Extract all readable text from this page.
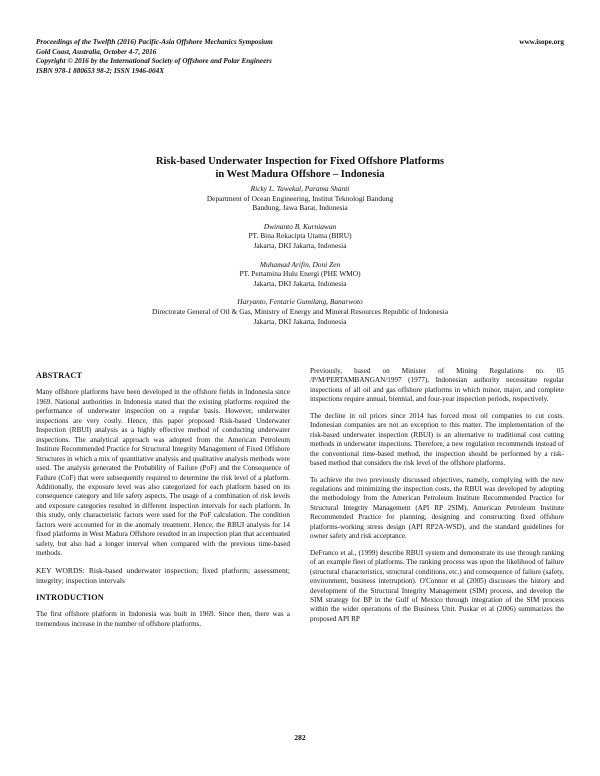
Proceedings of the Twelfth (2016) Pacific-Asia Offshore Mechanics Symposium
Gold Coast, Australia, October 4-7, 2016
Copyright © 2016 by the International Society of Offshore and Polar Engineers
ISBN 978-1 880653 98-2; ISSN 1946-004X
www.isope.org
Risk-based Underwater Inspection for Fixed Offshore Platforms
in West Madura Offshore – Indonesia
Ricky L. Tawekal, Parama Shanti
Department of Ocean Engineering, Institut Teknologi Bandung
Bandung, Jawa Barat, Indonesia
Dwinanto B. Kurniawan
PT. Bina Rekacipta Utama (BIRU)
Jakarta, DKI Jakarta, Indonesia
Muhamad Arifin, Doni Zen
PT. Pertamina Hulu Energi (PHE WMO)
Jakarta, DKI Jakarta, Indonesia
Haryanto, Fentarie Gumilang, Banarwoto
Directorate General of Oil & Gas, Ministry of Energy and Mineral Resources Republic of Indonesia
Jakarta, DKI Jakarta, Indonesia
ABSTRACT

Many offshore platforms have been developed in the offshore fields in Indonesia since 1969. National authorities in Indonesia stated that the existing platforms required the performance of underwater inspection on a regular basis. However, underwater inspections are very costly. Hence, this paper proposed Risk-based Underwater Inspection (RBUI) analysis as a highly effective method of conducting underwater inspections. The analytical approach was adopted from the American Petroleum Institute Recommended Practice for Structural Integrity Management of Fixed Offshore Structures in which a mix of quantitative analysis and qualitative analysis methods were used. The analysis generated the Probability of Failure (PoF) and the Consequence of Failure (CoF) that were subsequently required to determine the risk level of a platform. Additionally, the exposure level was also categorized for each platform based on its consequence category and life safety aspects. The usage of a combination of risk levels and exposure categories resulted in different inspection intervals for each platform. In this study, only characteristic factors were used for the PoF calculation. The condition factors were accounted for in the anomaly treatment. Hence, the RBUI analysis for 14 fixed platforms in West Madura Offshore resulted in an inspection plan that accentuated safety, but also had a longer interval when compared with the previous time-based methods.

KEY WORDS: Risk-based underwater inspection; fixed platform; assessment; integrity; inspection intervals

INTRODUCTION

The first offshore platform in Indonesia was built in 1969. Since then, there was a tremendous increase in the number of offshore platforms.

Previously, based on Minister of Mining Regulations no. 05 /P/M/PERTAMBANGAN/1997 (1977), Indonesian authority necessitate regular inspections of all oil and gas offshore platforms in which minor, major, and complete inspections require annual, biennial, and four-year inspection periods, respectively.

The decline in oil prices since 2014 has forced most oil companies to cut costs. Indonesian companies are not an exception to this matter. The implementation of the risk-based underwater inspection (RBUI) is an alternative to traditional cost cutting methods in underwater inspections. Therefore, a new regulation recommends instead of the conventional time-based method, the inspection should be performed by a risk-based method that considers the risk level of the offshore platforms.

To achieve the two previously discussed objectives, namely, complying with the new regulations and minimizing the inspection costs, the RBUI was developed by adopting the methodology from the American Petroleum Institute Recommended Practice for Structural Integrity Management (API RP 2SIM), American Petroleum Institute Recommended Practice for planning, designing and constructing fixed offshore platforms-working stress design (API RP2A-WSD), and the standard guidelines for owner safety and risk acceptance.

DeFranco et al., (1999) describe RBUI system and demonstrate its use through ranking of an example fleet of platforms. The ranking process was upon the likelihood of failure (structural characteristics, structural conditions, etc.) and consequence of failure (safety, environment, business interruption). O'Connor et al (2005) discusses the history and development of the Structural Integrity Management (SIM) process, and develop the SIM strategy for BP in the Gulf of Mexico through integration of the SIM process within the wider operations of the Business Unit. Puskar et al (2006) summarizes the proposed API RP

282
